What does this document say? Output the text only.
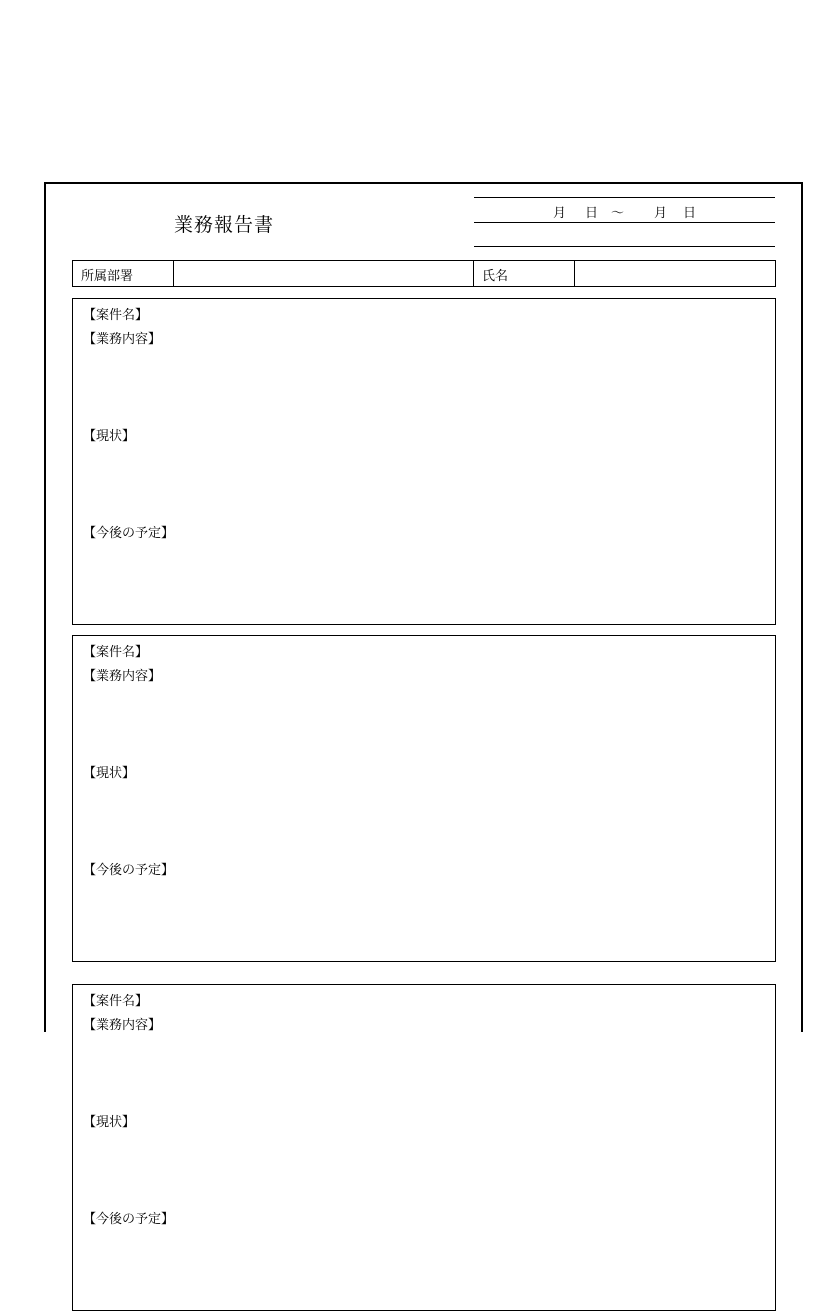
業務報告書
月 日 〜 月 日
所属部署	氏名
【案件名】
【業務内容】
【現状】
【今後の予定】
【案件名】
【業務内容】
【現状】
【今後の予定】
【案件名】
【業務内容】
【現状】
【今後の予定】
